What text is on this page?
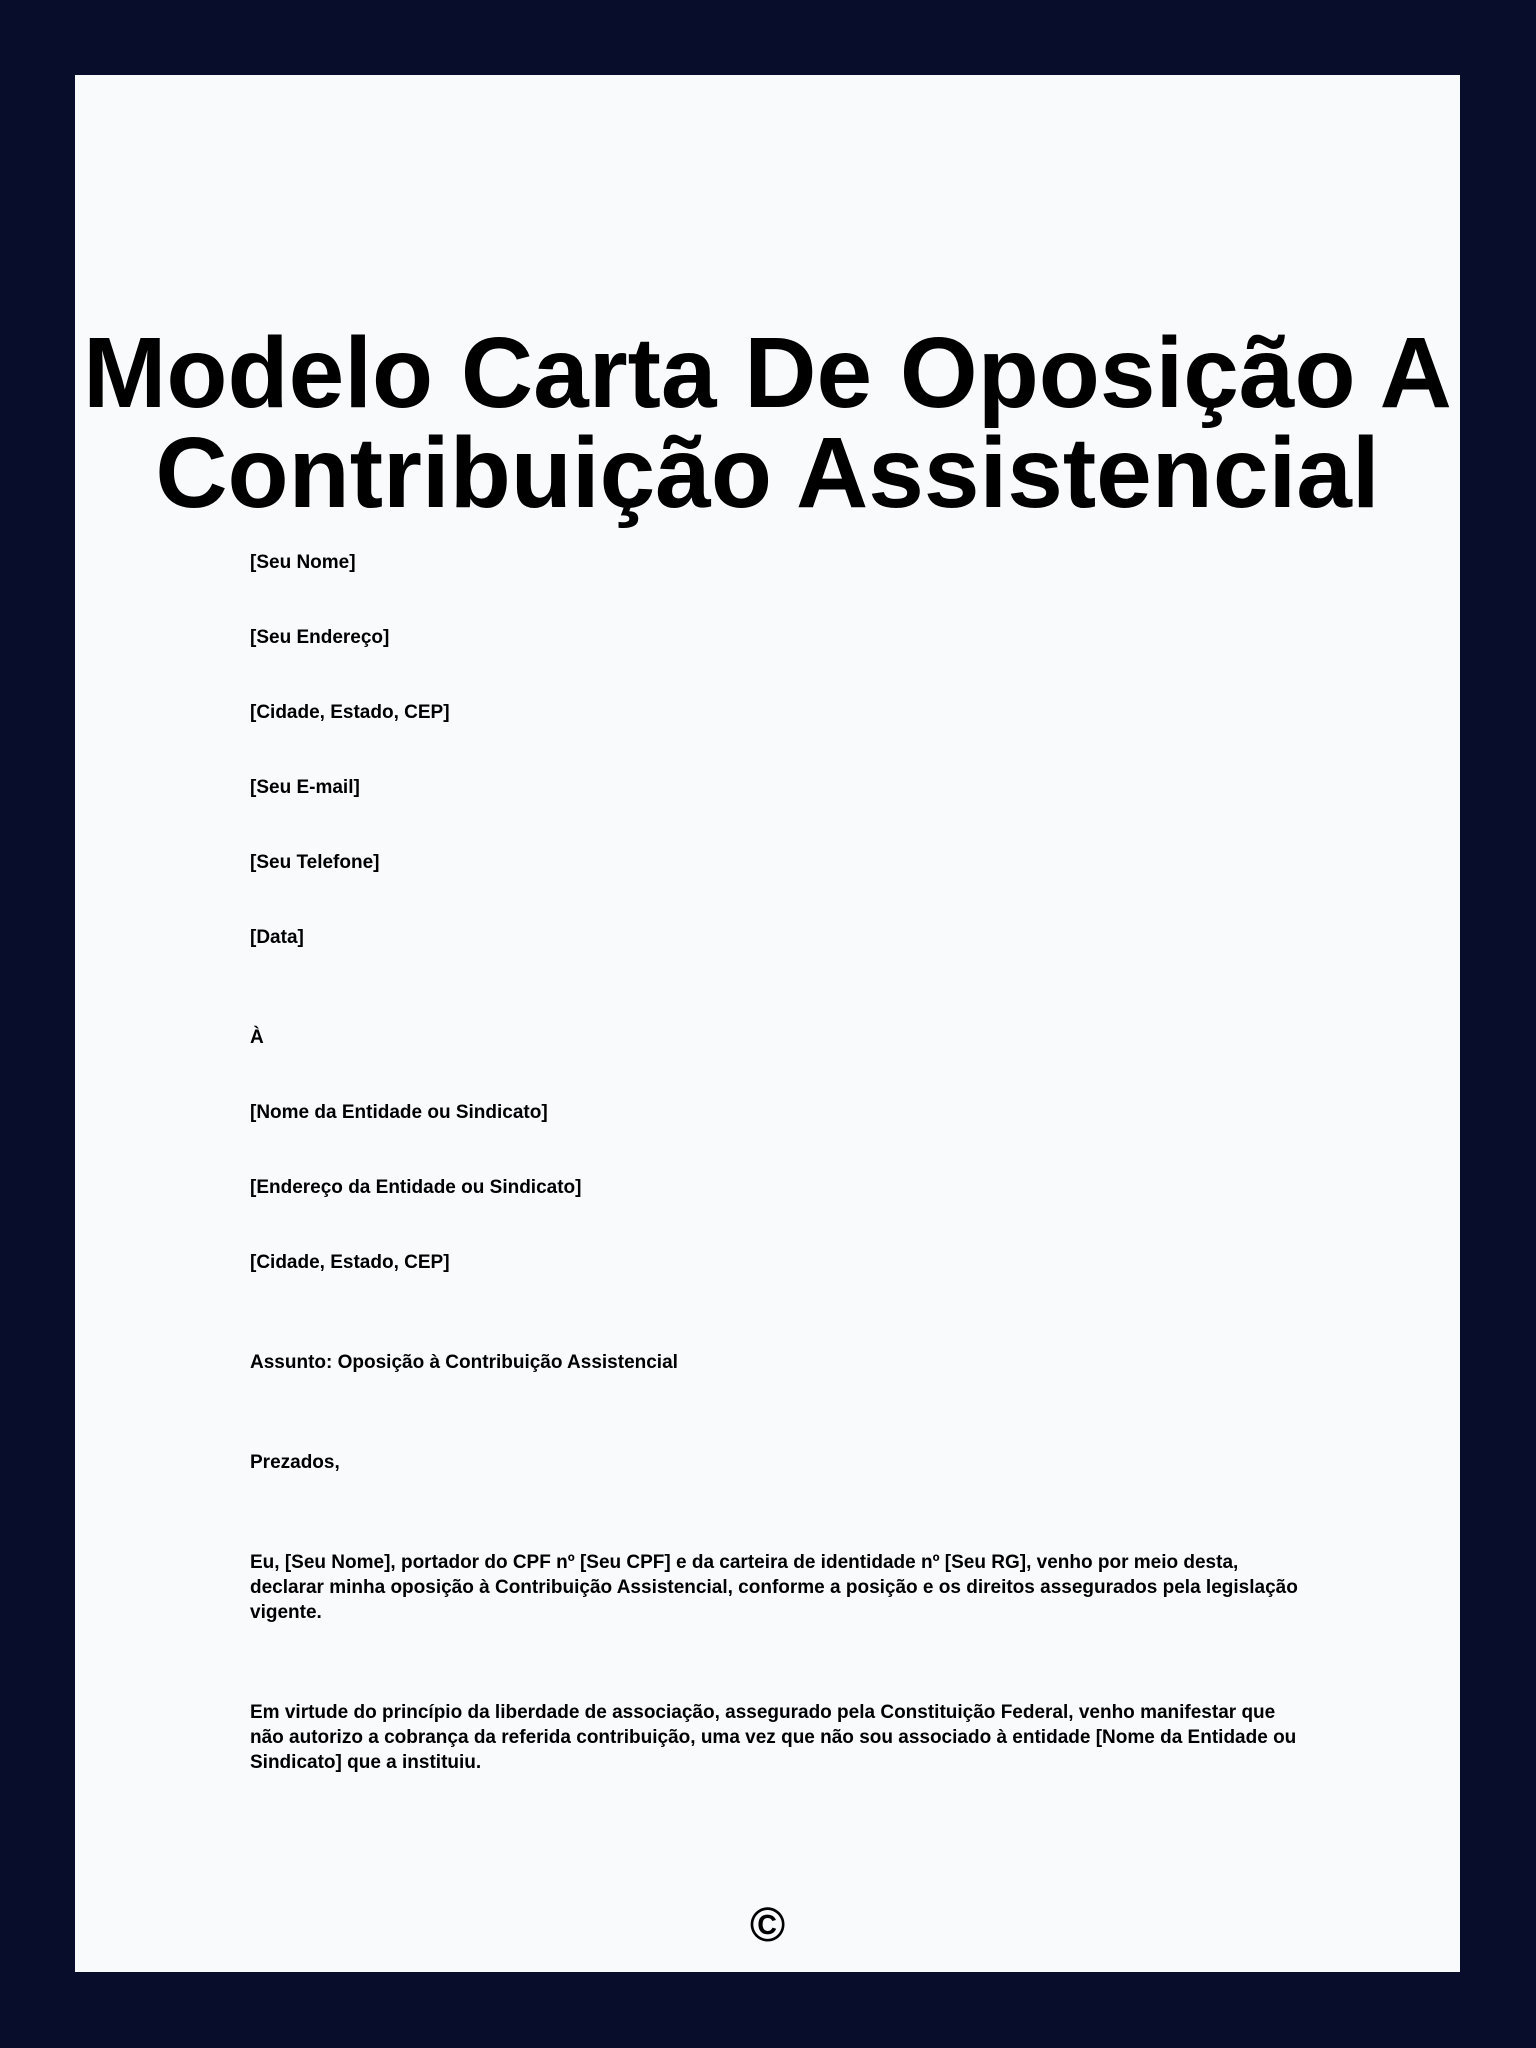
Modelo Carta De Oposição A
Contribuição Assistencial
[Seu Nome]
[Seu Endereço]
[Cidade, Estado, CEP]
[Seu E-mail]
[Seu Telefone]
[Data]
À
[Nome da Entidade ou Sindicato]
[Endereço da Entidade ou Sindicato]
[Cidade, Estado, CEP]
Assunto: Oposição à Contribuição Assistencial
Prezados,
Eu, [Seu Nome], portador do CPF nº [Seu CPF] e da carteira de identidade nº [Seu RG], venho por meio desta, declarar minha oposição à Contribuição Assistencial, conforme a posição e os direitos assegurados pela legislação vigente.
Em virtude do princípio da liberdade de associação, assegurado pela Constituição Federal, venho manifestar que não autorizo a cobrança da referida contribuição, uma vez que não sou associado à entidade [Nome da Entidade ou Sindicato] que a instituiu.
©
